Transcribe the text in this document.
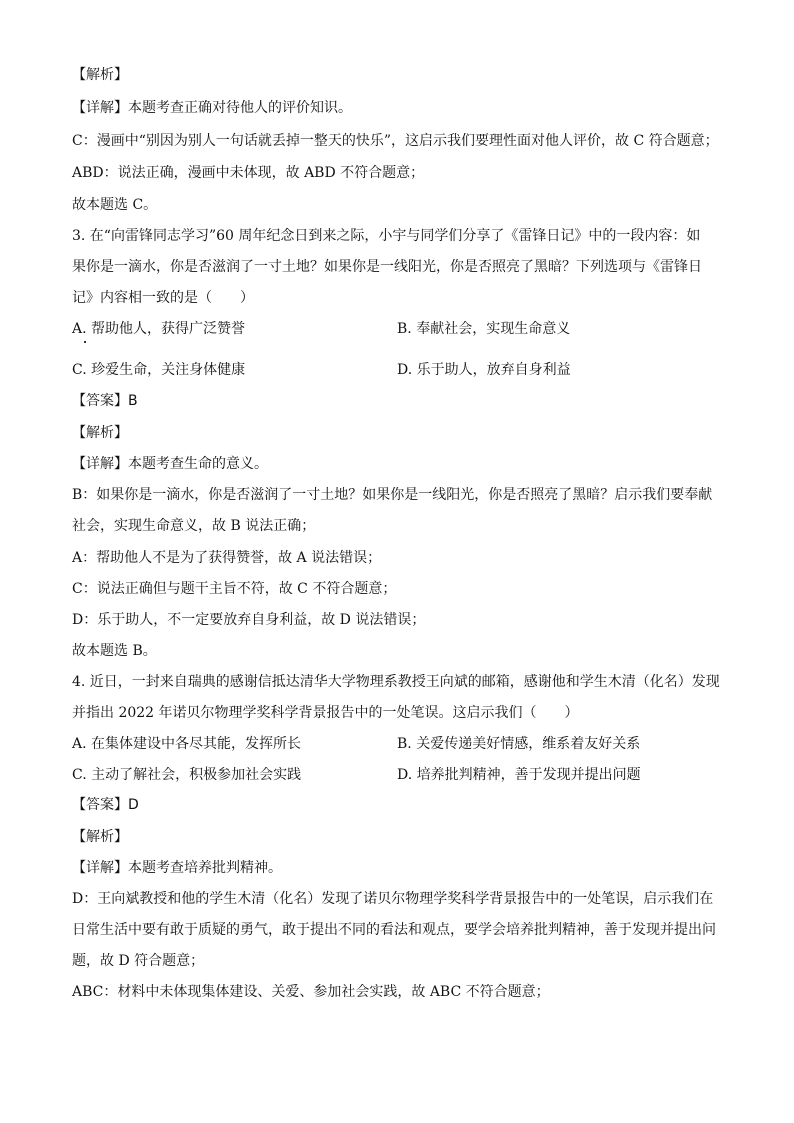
【解析】
【详解】本题考查正确对待他人的评价知识。
C：漫画中“别因为别人一句话就丢掉一整天的快乐”，这启示我们要理性面对他人评价，故 C 符合题意；
ABD：说法正确，漫画中未体现，故 ABD 不符合题意；
故本题选 C。
3. 在“向雷锋同志学习”60 周年纪念日到来之际，小宇与同学们分享了《雷锋日记》中的一段内容：如
果你是一滴水，你是否滋润了一寸土地？如果你是一线阳光，你是否照亮了黑暗？下列选项与《雷锋日
记》内容相一致的是（　　）
A. 帮助他人，获得广泛赞誉	B. 奉献社会，实现生命意义
C. 珍爱生命，关注身体健康	D. 乐于助人，放弃自身利益
【答案】B
【解析】
【详解】本题考查生命的意义。
B：如果你是一滴水，你是否滋润了一寸土地？如果你是一线阳光，你是否照亮了黑暗？启示我们要奉献
社会，实现生命意义，故 B 说法正确；
A：帮助他人不是为了获得赞誉，故 A 说法错误；
C：说法正确但与题干主旨不符，故 C 不符合题意；
D：乐于助人，不一定要放弃自身利益，故 D 说法错误；
故本题选 B。
4. 近日，一封来自瑞典的感谢信抵达清华大学物理系教授王向斌的邮箱，感谢他和学生木清（化名）发现
并指出 2022 年诺贝尔物理学奖科学背景报告中的一处笔误。这启示我们（　　）
A. 在集体建设中各尽其能，发挥所长	B. 关爱传递美好情感，维系着友好关系
C. 主动了解社会，积极参加社会实践	D. 培养批判精神，善于发现并提出问题
【答案】D
【解析】
【详解】本题考查培养批判精神。
D：王向斌教授和他的学生木清（化名）发现了诺贝尔物理学奖科学背景报告中的一处笔误，启示我们在
日常生活中要有敢于质疑的勇气，敢于提出不同的看法和观点，要学会培养批判精神，善于发现并提出问
题，故 D 符合题意；
ABC：材料中未体现集体建设、关爱、参加社会实践，故 ABC 不符合题意；
